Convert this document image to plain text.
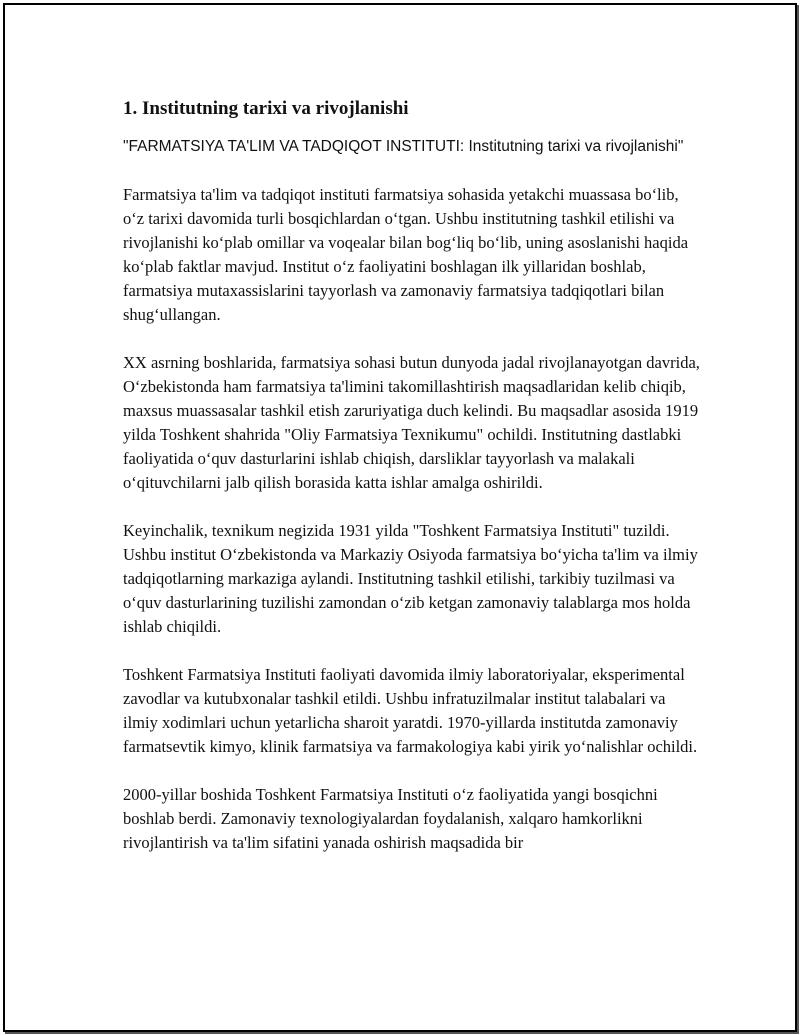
1. Institutning tarixi va rivojlanishi

"FARMATSIYA TA'LIM VA TADQIQOT INSTITUTI: Institutning tarixi va rivojlanishi"

Farmatsiya ta'lim va tadqiqot instituti farmatsiya sohasida yetakchi muassasa boʻlib, oʻz tarixi davomida turli bosqichlardan oʻtgan. Ushbu institutning tashkil etilishi va rivojlanishi koʻplab omillar va voqealar bilan bogʻliq boʻlib, uning asoslanishi haqida koʻplab faktlar mavjud. Institut oʻz faoliyatini boshlagan ilk yillaridan boshlab, farmatsiya mutaxassislarini tayyorlash va zamonaviy farmatsiya tadqiqotlari bilan shugʻullangan.

XX asrning boshlarida, farmatsiya sohasi butun dunyoda jadal rivojlanayotgan davrida, Oʻzbekistonda ham farmatsiya ta'limini takomillashtirish maqsadlaridan kelib chiqib, maxsus muassasalar tashkil etish zaruriyatiga duch kelindi. Bu maqsadlar asosida 1919 yilda Toshkent shahrida "Oliy Farmatsiya Texnikumu" ochildi. Institutning dastlabki faoliyatida oʻquv dasturlarini ishlab chiqish, darsliklar tayyorlash va malakali oʻqituvchilarni jalb qilish borasida katta ishlar amalga oshirildi.

Keyinchalik, texnikum negizida 1931 yilda "Toshkent Farmatsiya Instituti" tuzildi. Ushbu institut Oʻzbekistonda va Markaziy Osiyoda farmatsiya boʻyicha ta'lim va ilmiy tadqiqotlarning markaziga aylandi. Institutning tashkil etilishi, tarkibiy tuzilmasi va oʻquv dasturlarining tuzilishi zamondan oʻzib ketgan zamonaviy talablarga mos holda ishlab chiqildi.

Toshkent Farmatsiya Instituti faoliyati davomida ilmiy laboratoriyalar, eksperimental zavodlar va kutubxonalar tashkil etildi. Ushbu infratuzilmalar institut talabalari va ilmiy xodimlari uchun yetarlicha sharoit yaratdi. 1970-yillarda institutda zamonaviy farmatsevtik kimyo, klinik farmatsiya va farmakologiya kabi yirik yoʻnalishlar ochildi.

2000-yillar boshida Toshkent Farmatsiya Instituti oʻz faoliyatida yangi bosqichni boshlab berdi. Zamonaviy texnologiyalardan foydalanish, xalqaro hamkorlikni rivojlantirish va ta'lim sifatini yanada oshirish maqsadida bir
